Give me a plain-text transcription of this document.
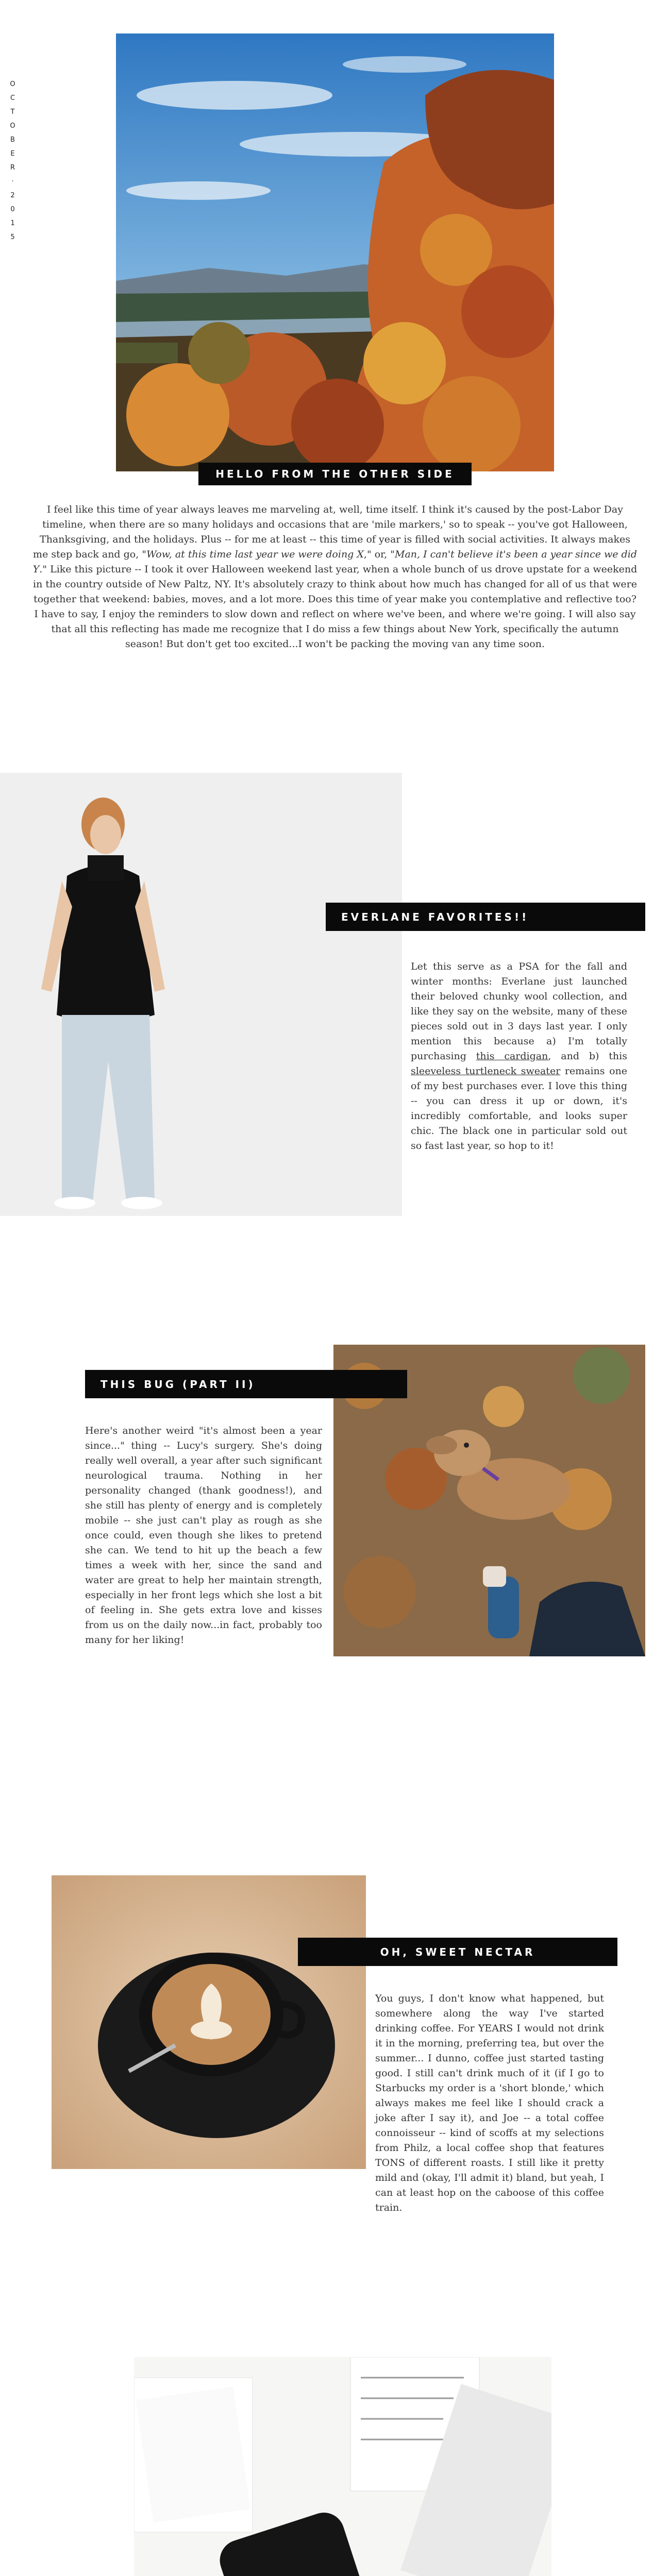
O
C
T
O
B
E
R
·
2
0
1
5
HELLO FROM THE OTHER SIDE
I feel like this time of year always leaves me marveling at, well, time itself. I think it's caused by the post-Labor Day timeline, when there are so many holidays and occasions that are 'mile markers,' so to speak -- you've got Halloween, Thanksgiving, and the holidays. Plus -- for me at least -- this time of year is filled with social activities. It always makes me step back and go, "Wow, at this time last year we were doing X," or, "Man, I can't believe it's been a year since we did Y." Like this picture -- I took it over Halloween weekend last year, when a whole bunch of us drove upstate for a weekend in the country outside of New Paltz, NY. It's absolutely crazy to think about how much has changed for all of us that were together that weekend: babies, moves, and a lot more. Does this time of year make you contemplative and reflective too? I have to say, I enjoy the reminders to slow down and reflect on where we've been, and where we're going. I will also say that all this reflecting has made me recognize that I do miss a few things about New York, specifically the autumn season! But don't get too excited...I won't be packing the moving van any time soon.
EVERLANE FAVORITES!!
Let this serve as a PSA for the fall and winter months: Everlane just launched their beloved chunky wool collection, and like they say on the website, many of these pieces sold out in 3 days last year. I only mention this because a) I'm totally purchasing this cardigan, and b) this sleeveless turtleneck sweater remains one of my best purchases ever. I love this thing -- you can dress it up or down, it's incredibly comfortable, and looks super chic. The black one in particular sold out so fast last year, so hop to it!
THIS BUG (PART II)
Here's another weird "it's almost been a year since..." thing -- Lucy's surgery. She's doing really well overall, a year after such significant neurological trauma. Nothing in her personality changed (thank goodness!), and she still has plenty of energy and is completely mobile -- she just can't play as rough as she once could, even though she likes to pretend she can. We tend to hit up the beach a few times a week with her, since the sand and water are great to help her maintain strength, especially in her front legs which she lost a bit of feeling in. She gets extra love and kisses from us on the daily now...in fact, probably too many for her liking!
OH, SWEET NECTAR
You guys, I don't know what happened, but somewhere along the way I've started drinking coffee. For YEARS I would not drink it in the morning, preferring tea, but over the summer... I dunno, coffee just started tasting good. I still can't drink much of it (if I go to Starbucks my order is a 'short blonde,' which always makes me feel like I should crack a joke after I say it), and Joe -- a total coffee connoisseur -- kind of scoffs at my selections from Philz, a local coffee shop that features TONS of different roasts. I still like it pretty mild and (okay, I'll admit it) bland, but yeah, I can at least hop on the caboose of this coffee train.
